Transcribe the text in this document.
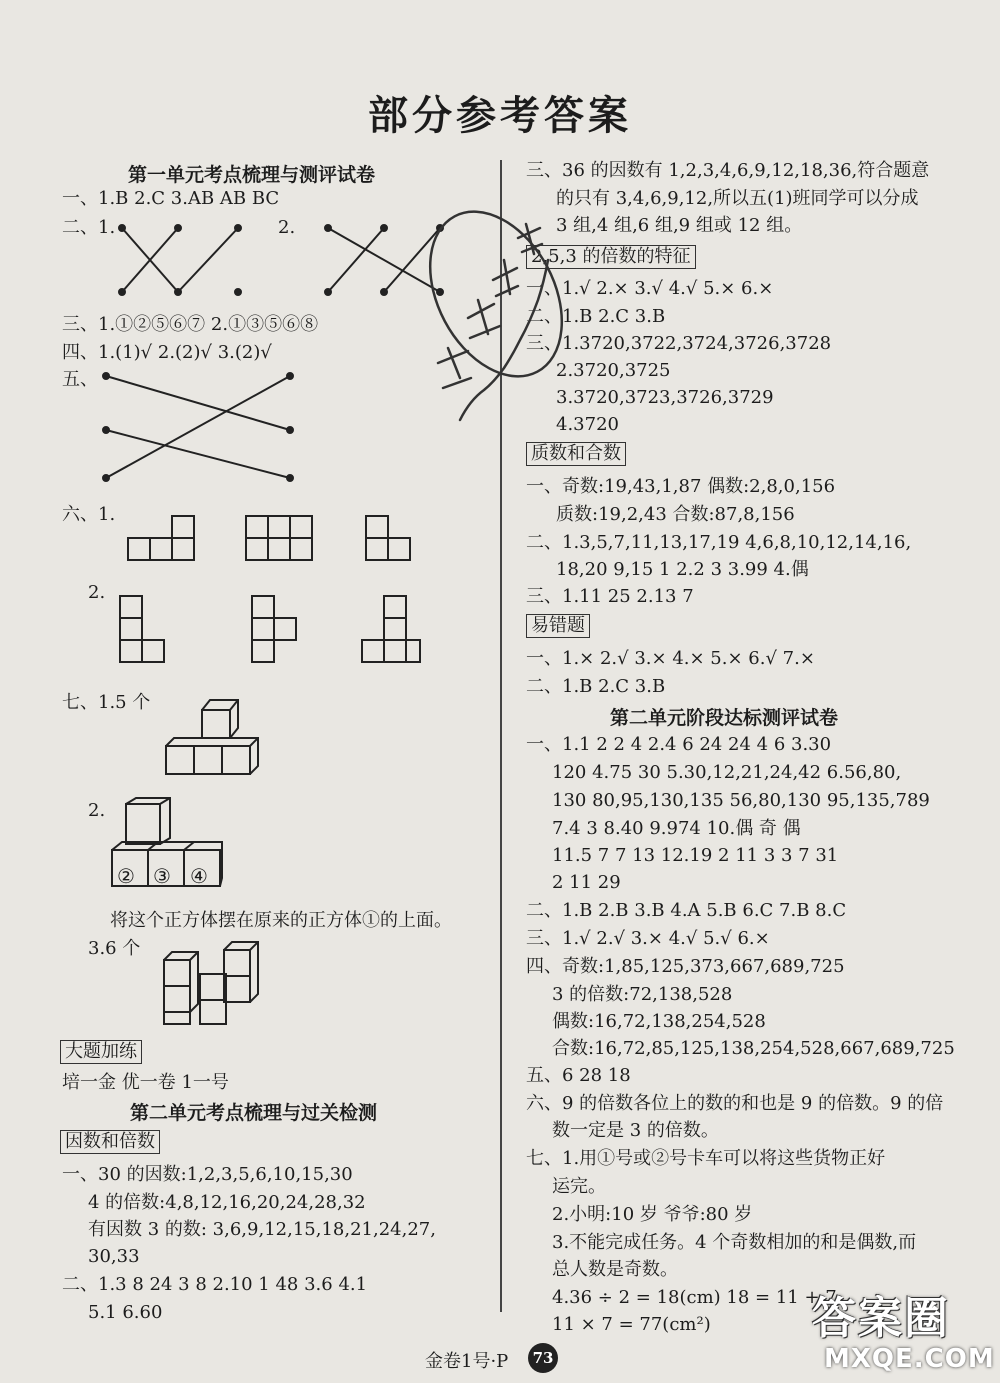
部分参考答案
第一单元考点梳理与测评试卷
一、1.B 2.C 3.AB AB BC
二、1.	2.
三、1.①②⑤⑥⑦ 2.①③⑤⑥⑧
四、1.(1)√ 2.(2)√ 3.(2)√
五、
六、1.
2.
七、1.5 个
2.
② ③ ④
将这个正方体摆在原来的正方体①的上面。
3.6 个
大题加练
培一金 优一卷 1一号
第二单元考点梳理与过关检测
因数和倍数
一、30 的因数:1,2,3,5,6,10,15,30
4 的倍数:4,8,12,16,20,24,28,32
有因数 3 的数: 3,6,9,12,15,18,21,24,27,
30,33
二、1.3 8 24 3 8 2.10 1 48 3.6 4.1
5.1 6.60
三、36 的因数有 1,2,3,4,6,9,12,18,36,符合题意
的只有 3,4,6,9,12,所以五(1)班同学可以分成
3 组,4 组,6 组,9 组或 12 组。
2,5,3 的倍数的特征
一、1.√ 2.× 3.√ 4.√ 5.× 6.×
二、1.B 2.C 3.B
三、1.3720,3722,3724,3726,3728
2.3720,3725
3.3720,3723,3726,3729
4.3720
质数和合数
一、奇数:19,43,1,87 偶数:2,8,0,156
质数:19,2,43 合数:87,8,156
二、1.3,5,7,11,13,17,19 4,6,8,10,12,14,16,
18,20 9,15 1 2.2 3 3.99 4.偶
三、1.11 25 2.13 7
易错题
一、1.× 2.√ 3.× 4.× 5.× 6.√ 7.×
二、1.B 2.C 3.B
第二单元阶段达标测评试卷
一、1.1 2 2 4 2.4 6 24 24 4 6 3.30
120 4.75 30 5.30,12,21,24,42 6.56,80,
130 80,95,130,135 56,80,130 95,135,789
7.4 3 8.40 9.974 10.偶 奇 偶
11.5 7 7 13 12.19 2 11 3 3 7 31
2 11 29
二、1.B 2.B 3.B 4.A 5.B 6.C 7.B 8.C
三、1.√ 2.√ 3.× 4.√ 5.√ 6.×
四、奇数:1,85,125,373,667,689,725
3 的倍数:72,138,528
偶数:16,72,138,254,528
合数:16,72,85,125,138,254,528,667,689,725
五、6 28 18
六、9 的倍数各位上的数的和也是 9 的倍数。9 的倍
数一定是 3 的倍数。
七、1.用①号或②号卡车可以将这些货物正好
运完。
2.小明:10 岁 爷爷:80 岁
3.不能完成任务。4 个奇数相加的和是偶数,而
总人数是奇数。
4.36 ÷ 2 = 18(cm) 18 = 11 + 7
11 × 7 = 77(cm²)
金卷1号·P	73
答案圈
MXQE.COM
